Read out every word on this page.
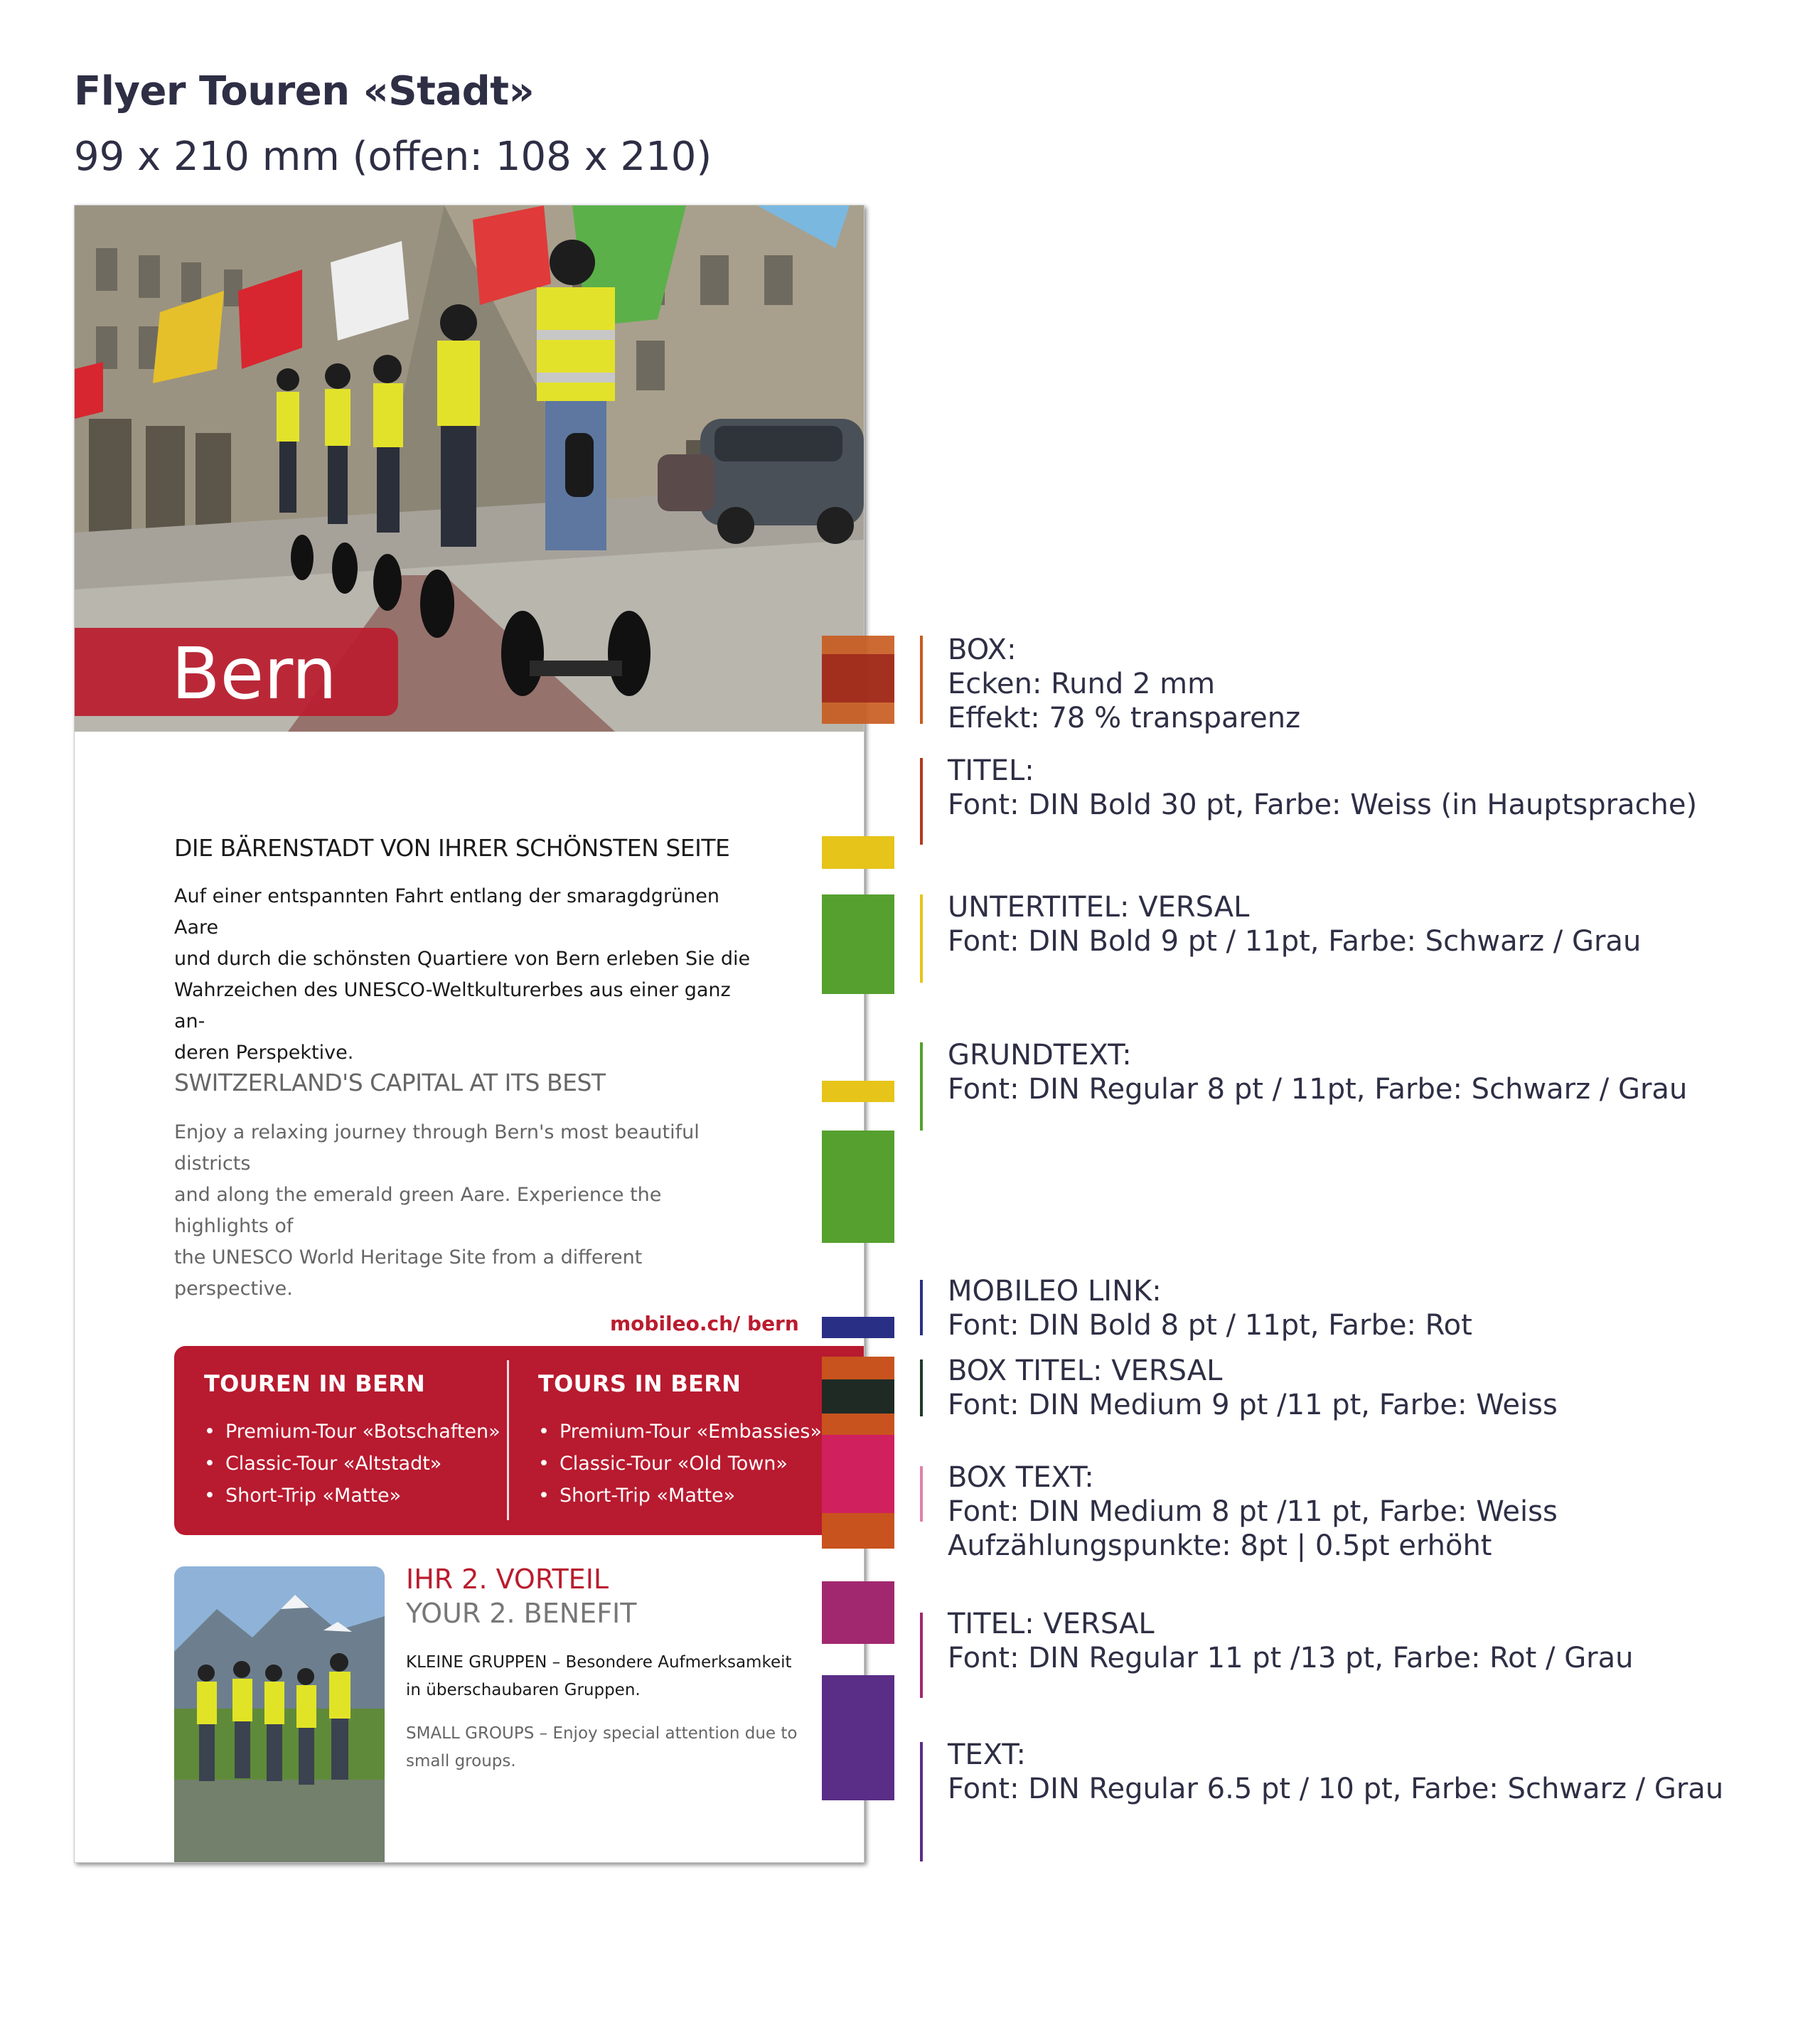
Flyer Touren «Stadt»
99 x 210 mm (offen: 108 x 210)
Bern
DIE BÄRENSTADT VON IHRER SCHÖNSTEN SEITE
Auf einer entspannten Fahrt entlang der smaragdgrünen Aare
und durch die schönsten Quartiere von Bern erleben Sie die
Wahrzeichen des UNESCO-Weltkulturerbes aus einer ganz an-
deren Perspektive.
SWITZERLAND'S CAPITAL AT ITS BEST
Enjoy a relaxing journey through Bern's most beautiful districts
and along the emerald green Aare. Experience the highlights of
the UNESCO World Heritage Site from a different perspective.
mobileo.ch/ bern
TOUREN IN BERN
• Premium-Tour «Botschaften»
• Classic-Tour «Altstadt»
• Short-Trip «Matte»
TOURS IN BERN
• Premium-Tour «Embassies»
• Classic-Tour «Old Town»
• Short-Trip «Matte»
IHR 2. VORTEIL
YOUR 2. BENEFIT
KLEINE GRUPPEN – Besondere Aufmerksamkeit
in überschaubaren Gruppen.
SMALL GROUPS – Enjoy special attention due to
small groups.
BOX:
Ecken: Rund 2 mm
Effekt: 78 % transparenz
TITEL:
Font: DIN Bold 30 pt, Farbe: Weiss (in Hauptsprache)
UNTERTITEL: VERSAL
Font: DIN Bold 9 pt / 11pt, Farbe: Schwarz / Grau
GRUNDTEXT:
Font: DIN Regular 8 pt / 11pt, Farbe: Schwarz / Grau
MOBILEO LINK:
Font: DIN Bold 8 pt / 11pt, Farbe: Rot
BOX TITEL: VERSAL
Font: DIN Medium 9 pt /11 pt, Farbe: Weiss
BOX TEXT:
Font: DIN Medium 8 pt /11 pt, Farbe: Weiss
Aufzählungspunkte: 8pt | 0.5pt erhöht
TITEL: VERSAL
Font: DIN Regular 11 pt /13 pt, Farbe: Rot / Grau
TEXT:
Font: DIN Regular 6.5 pt / 10 pt, Farbe: Schwarz / Grau
